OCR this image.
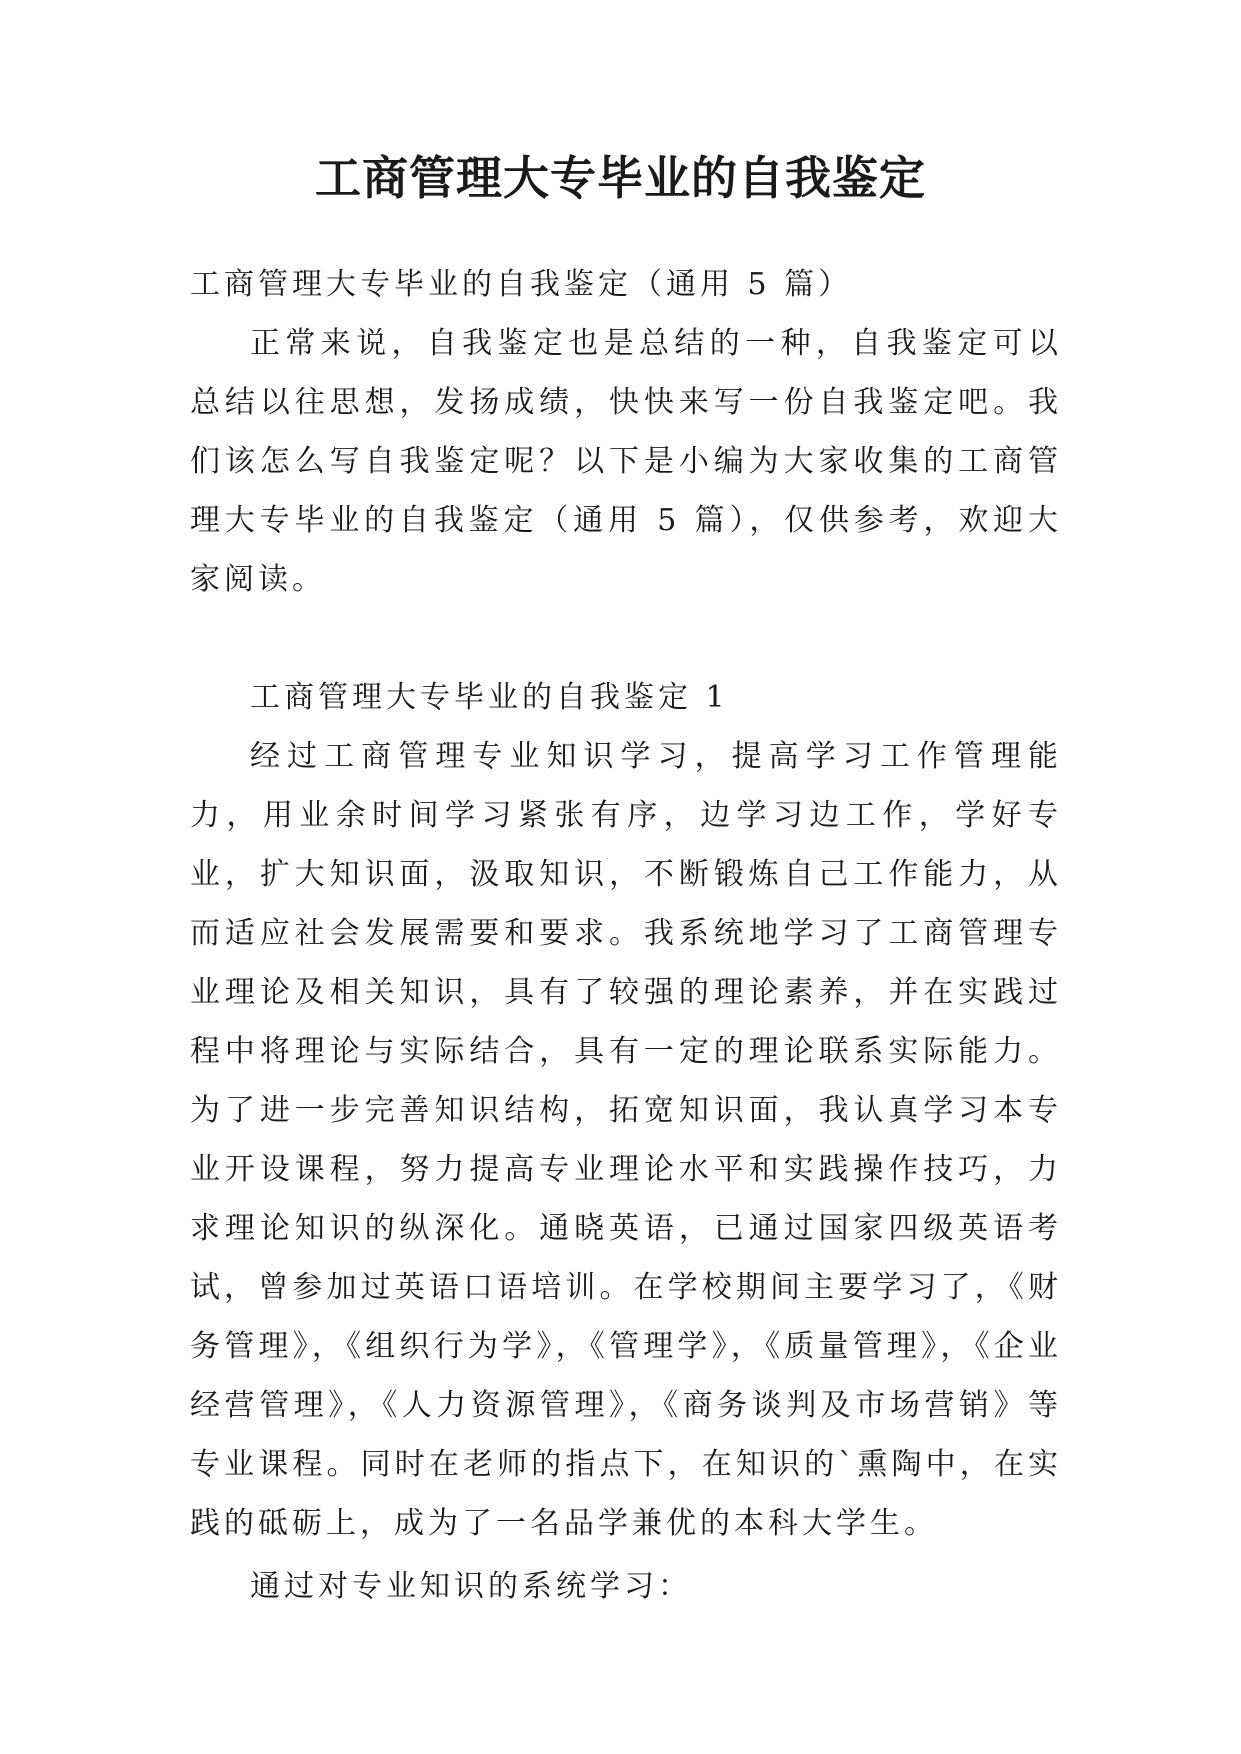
工商管理大专毕业的自我鉴定

工商管理大专毕业的自我鉴定（通用 5 篇）

正常来说，自我鉴定也是总结的一种，自我鉴定可以总结以往思想，发扬成绩，快快来写一份自我鉴定吧。我们该怎么写自我鉴定呢？以下是小编为大家收集的工商管理大专毕业的自我鉴定（通用 5 篇），仅供参考，欢迎大家阅读。

工商管理大专毕业的自我鉴定 1

经过工商管理专业知识学习，提高学习工作管理能力，用业余时间学习紧张有序，边学习边工作，学好专业，扩大知识面，汲取知识，不断锻炼自己工作能力，从而适应社会发展需要和要求。我系统地学习了工商管理专业理论及相关知识，具有了较强的理论素养，并在实践过程中将理论与实际结合，具有一定的理论联系实际能力。为了进一步完善知识结构，拓宽知识面，我认真学习本专业开设课程，努力提高专业理论水平和实践操作技巧，力求理论知识的纵深化。通晓英语，已通过国家四级英语考试，曾参加过英语口语培训。在学校期间主要学习了，《财务管理》，《组织行为学》，《管理学》，《质量管理》，《企业经营管理》，《人力资源管理》，《商务谈判及市场营销》等专业课程。同时在老师的指点下，在知识的`熏陶中，在实践的砥砺上，成为了一名品学兼优的本科大学生。

通过对专业知识的系统学习：
